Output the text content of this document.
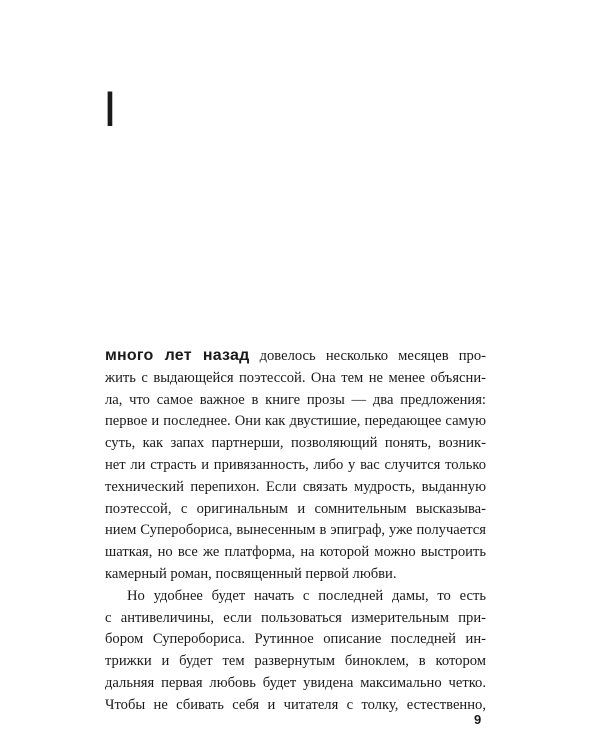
I
много лет назад довелось несколько месяцев про-
жить с выдающейся поэтессой. Она тем не менее объясни-
ла, что самое важное в книге прозы — два предложения:
первое и последнее. Они как двустишие, передающее самую
суть, как запах партнерши, позволяющий понять, возник-
нет ли страсть и привязанность, либо у вас случится только
технический перепихон. Если связать мудрость, выданную
поэтессой, с оригинальным и сомнительным высказыва-
нием Суперобориса, вынесенным в эпиграф, уже получается
шаткая, но все же платформа, на которой можно выстроить
камерный роман, посвященный первой любви.
Но удобнее будет начать с последней дамы, то есть
с антивеличины, если пользоваться измерительным при-
бором Суперобориса. Рутинное описание последней ин-
трижки и будет тем развернутым биноклем, в котором
дальняя первая любовь будет увидена максимально четко.
Чтобы не сбивать себя и читателя с толку, естественно,
9
